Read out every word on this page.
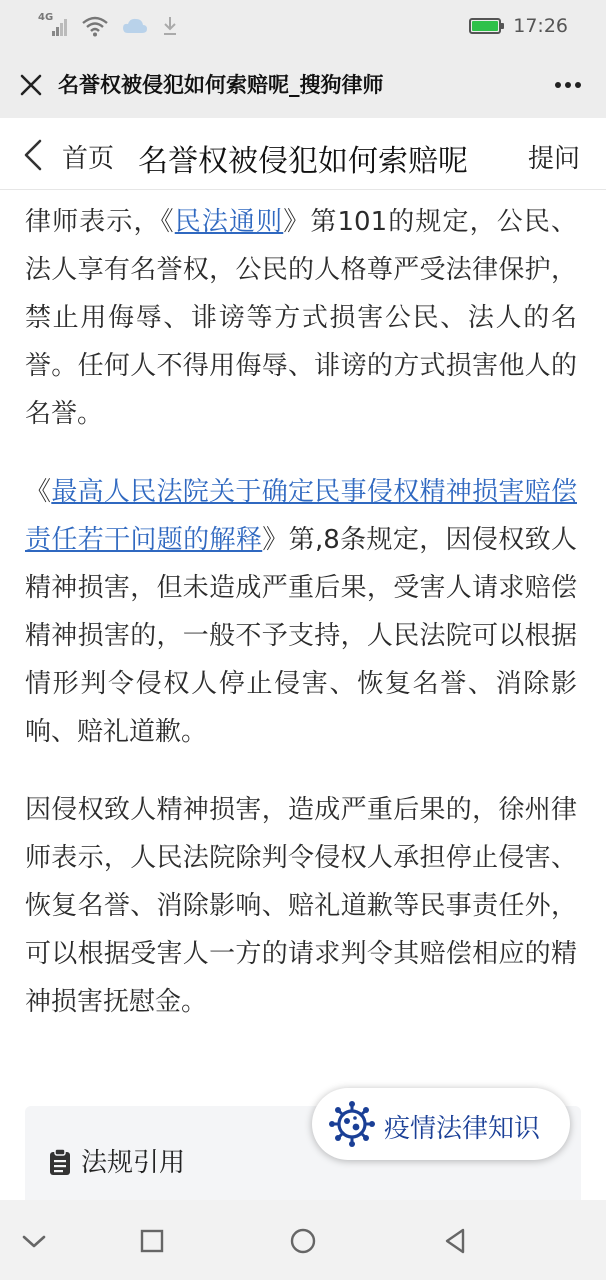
4G	17:26
名誉权被侵犯如何索赔呢_搜狗律师
首页 名誉权被侵犯如何索赔呢 提问

律师表示，《民法通则》第101的规定，公民、法人享有名誉权，公民的人格尊严受法律保护，禁止用侮辱、诽谤等方式损害公民、法人的名誉。任何人不得用侮辱、诽谤的方式损害他人的名誉。

《最高人民法院关于确定民事侵权精神损害赔偿责任若干问题的解释》第,8条规定，因侵权致人精神损害，但未造成严重后果，受害人请求赔偿精神损害的，一般不予支持，人民法院可以根据情形判令侵权人停止侵害、恢复名誉、消除影响、赔礼道歉。

因侵权致人精神损害，造成严重后果的，徐州律师表示，人民法院除判令侵权人承担停止侵害、恢复名誉、消除影响、赔礼道歉等民事责任外，可以根据受害人一方的请求判令其赔偿相应的精神损害抚慰金。

法规引用
疫情法律知识
